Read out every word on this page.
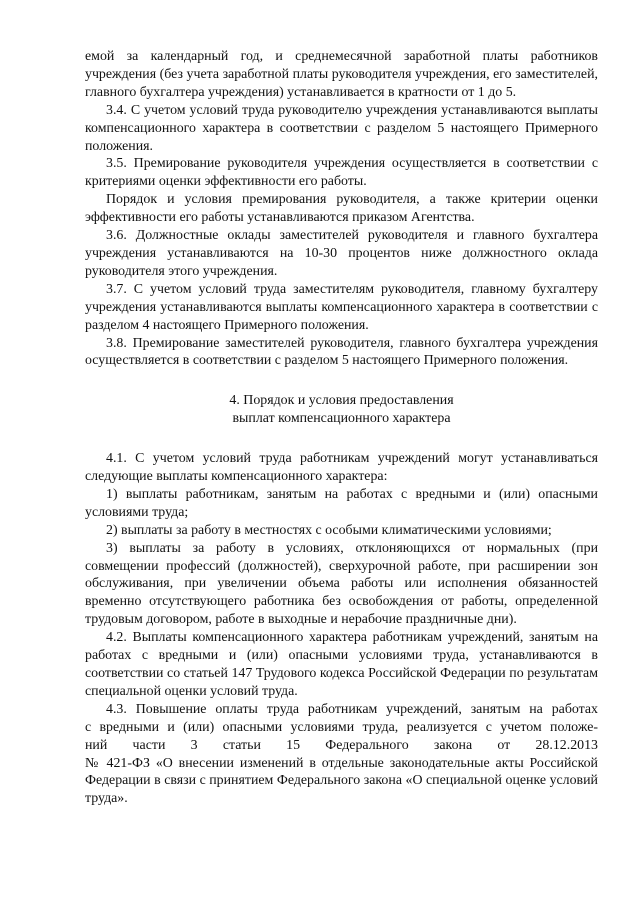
емой за календарный год, и среднемесячной заработной платы работников учреждения (без учета заработной платы руководителя учреждения, его заместителей, главного бухгалтера учреждения) устанавливается в кратности от 1 до 5.

3.4. С учетом условий труда руководителю учреждения устанавливаются выплаты компенсационного характера в соответствии с разделом 5 настоящего Примерного положения.

3.5. Премирование руководителя учреждения осуществляется в соответствии с критериями оценки эффективности его работы.

Порядок и условия премирования руководителя, а также критерии оценки эффективности его работы устанавливаются приказом Агентства.

3.6. Должностные оклады заместителей руководителя и главного бухгалтера учреждения устанавливаются на 10-30 процентов ниже должностного оклада руководителя этого учреждения.

3.7. С учетом условий труда заместителям руководителя, главному бухгалтеру учреждения устанавливаются выплаты компенсационного характера в соответствии с разделом 4 настоящего Примерного положения.

3.8. Премирование заместителей руководителя, главного бухгалтера учреждения осуществляется в соответствии с разделом 5 настоящего Примерного положения.

4. Порядок и условия предоставления
выплат компенсационного характера

4.1. С учетом условий труда работникам учреждений могут устанавливаться следующие выплаты компенсационного характера:

1) выплаты работникам, занятым на работах с вредными и (или) опасными условиями труда;

2) выплаты за работу в местностях с особыми климатическими условиями;

3) выплаты за работу в условиях, отклоняющихся от нормальных (при совмещении профессий (должностей), сверхурочной работе, при расширении зон обслуживания, при увеличении объема работы или исполнения обязанностей временно отсутствующего работника без освобождения от работы, определенной трудовым договором, работе в выходные и нерабочие праздничные дни).

4.2. Выплаты компенсационного характера работникам учреждений, занятым на работах с вредными и (или) опасными условиями труда, устанавливаются в соответствии со статьей 147 Трудового кодекса Российской Федерации по результатам специальной оценки условий труда.

4.3. Повышение оплаты труда работникам учреждений, занятым на работах

с вредными и (или) опасными условиями труда, реализуется с учетом положе-

ний части 3 статьи 15 Федерального закона от 28.12.2013

№ 421-ФЗ «О внесении изменений в отдельные законодательные акты Российской Федерации в связи с принятием Федерального закона «О специальной оценке условий труда».
